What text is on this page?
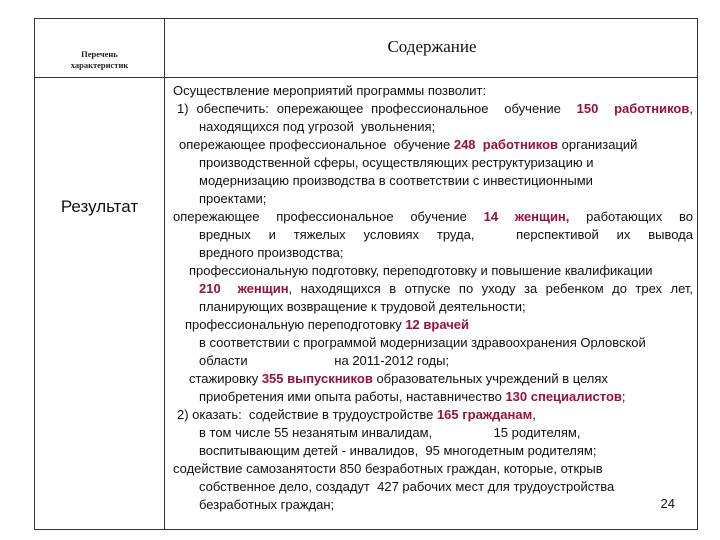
Перечень
характеристик
Содержание
Результат
Осуществление мероприятий программы позволит:
1) обеспечить: опережающее профессиональное  обучение  150  работников,
находящихся под угрозой  увольнения;
опережающее профессиональное  обучение 248  работников организаций
производственной сферы, осуществляющих реструктуризацию и
модернизацию производства в соответствии с инвестиционными
проектами;
опережающее  профессиональное  обучение  14  женщин,  работающих  во
вредных   и   тяжелых   условиях   труда,       перспективой   их   вывода
вредного производства;
профессиональную подготовку, переподготовку и повышение квалификации
210  женщин, находящихся в отпуске по уходу за ребенком до трех лет,
планирующих возвращение к трудовой деятельности;
профессиональную переподготовку 12 врачей
в соответствии с программой модернизации здравоохранения Орловской
области                        на 2011-2012 годы;
стажировку 355 выпускников образовательных учреждений в целях
приобретения ими опыта работы, наставничество 130 специалистов;
2) оказать:  содействие в трудоустройстве 165 гражданам,
в том числе 55 незанятым инвалидам,                 15 родителям,
воспитывающим детей - инвалидов,  95 многодетным родителям;
содействие самозанятости 850 безработных граждан, которые, открыв
собственное дело, создадут  427 рабочих мест для трудоустройства
безработных граждан;	24
